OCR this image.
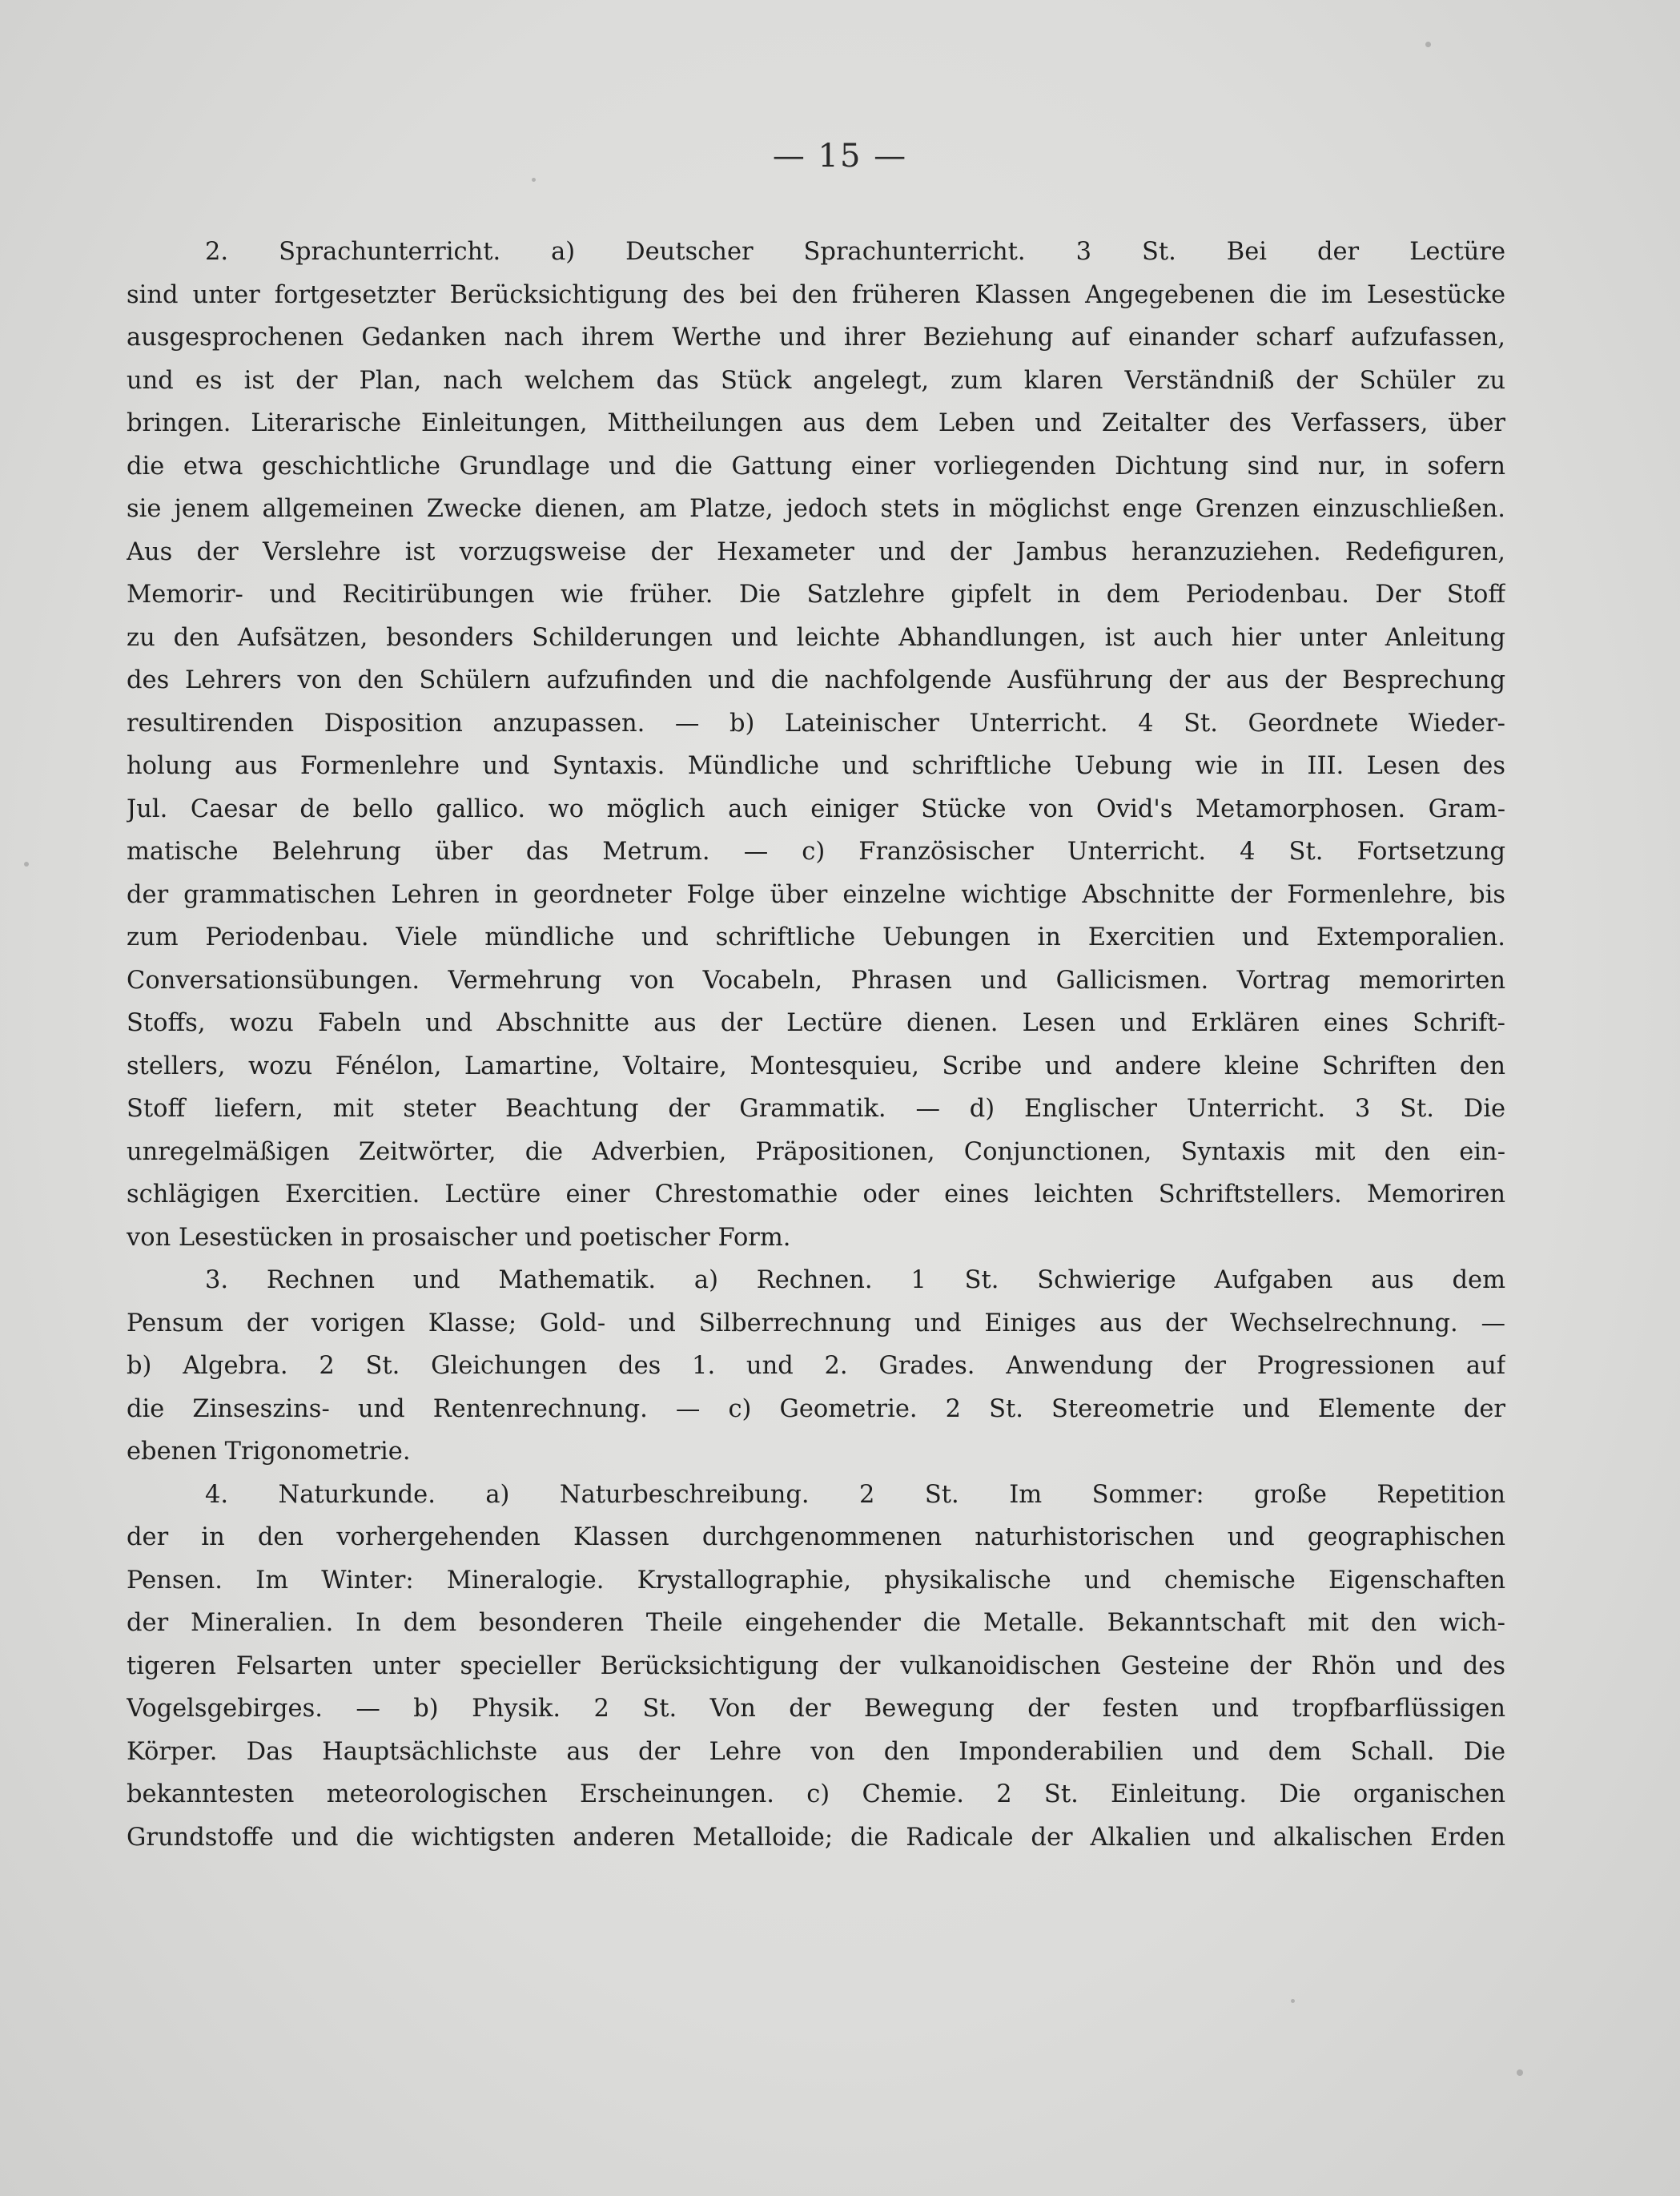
— 15 —
2. Sprachunterricht. a) Deutscher Sprachunterricht. 3 St. Bei der Lectüre
sind unter fortgesetzter Berücksichtigung des bei den früheren Klassen Angegebenen die im Lesestücke
ausgesprochenen Gedanken nach ihrem Werthe und ihrer Beziehung auf einander scharf aufzufassen,
und es ist der Plan, nach welchem das Stück angelegt, zum klaren Verständniß der Schüler zu
bringen. Literarische Einleitungen, Mittheilungen aus dem Leben und Zeitalter des Verfassers, über
die etwa geschichtliche Grundlage und die Gattung einer vorliegenden Dichtung sind nur, in sofern
sie jenem allgemeinen Zwecke dienen, am Platze, jedoch stets in möglichst enge Grenzen einzuschließen.
Aus der Verslehre ist vorzugsweise der Hexameter und der Jambus heranzuziehen. Redefiguren,
Memorir- und Recitirübungen wie früher. Die Satzlehre gipfelt in dem Periodenbau. Der Stoff
zu den Aufsätzen, besonders Schilderungen und leichte Abhandlungen, ist auch hier unter Anleitung
des Lehrers von den Schülern aufzufinden und die nachfolgende Ausführung der aus der Besprechung
resultirenden Disposition anzupassen. — b) Lateinischer Unterricht. 4 St. Geordnete Wieder-
holung aus Formenlehre und Syntaxis. Mündliche und schriftliche Uebung wie in III. Lesen des
Jul. Caesar de bello gallico. wo möglich auch einiger Stücke von Ovid's Metamorphosen. Gram-
matische Belehrung über das Metrum. — c) Französischer Unterricht. 4 St. Fortsetzung
der grammatischen Lehren in geordneter Folge über einzelne wichtige Abschnitte der Formenlehre, bis
zum Periodenbau. Viele mündliche und schriftliche Uebungen in Exercitien und Extemporalien.
Conversationsübungen. Vermehrung von Vocabeln, Phrasen und Gallicismen. Vortrag memorirten
Stoffs, wozu Fabeln und Abschnitte aus der Lectüre dienen. Lesen und Erklären eines Schrift-
stellers, wozu Fénélon, Lamartine, Voltaire, Montesquieu, Scribe und andere kleine Schriften den
Stoff liefern, mit steter Beachtung der Grammatik. — d) Englischer Unterricht. 3 St. Die
unregelmäßigen Zeitwörter, die Adverbien, Präpositionen, Conjunctionen, Syntaxis mit den ein-
schlägigen Exercitien. Lectüre einer Chrestomathie oder eines leichten Schriftstellers. Memoriren
von Lesestücken in prosaischer und poetischer Form.
3. Rechnen und Mathematik. a) Rechnen. 1 St. Schwierige Aufgaben aus dem
Pensum der vorigen Klasse; Gold- und Silberrechnung und Einiges aus der Wechselrechnung. —
b) Algebra. 2 St. Gleichungen des 1. und 2. Grades. Anwendung der Progressionen auf
die Zinseszins- und Rentenrechnung. — c) Geometrie. 2 St. Stereometrie und Elemente der
ebenen Trigonometrie.
4. Naturkunde. a) Naturbeschreibung. 2 St. Im Sommer: große Repetition
der in den vorhergehenden Klassen durchgenommenen naturhistorischen und geographischen
Pensen. Im Winter: Mineralogie. Krystallographie, physikalische und chemische Eigenschaften
der Mineralien. In dem besonderen Theile eingehender die Metalle. Bekanntschaft mit den wich-
tigeren Felsarten unter specieller Berücksichtigung der vulkanoidischen Gesteine der Rhön und des
Vogelsgebirges. — b) Physik. 2 St. Von der Bewegung der festen und tropfbarflüssigen
Körper. Das Hauptsächlichste aus der Lehre von den Imponderabilien und dem Schall. Die
bekanntesten meteorologischen Erscheinungen. c) Chemie. 2 St. Einleitung. Die organischen
Grundstoffe und die wichtigsten anderen Metalloide; die Radicale der Alkalien und alkalischen Erden
